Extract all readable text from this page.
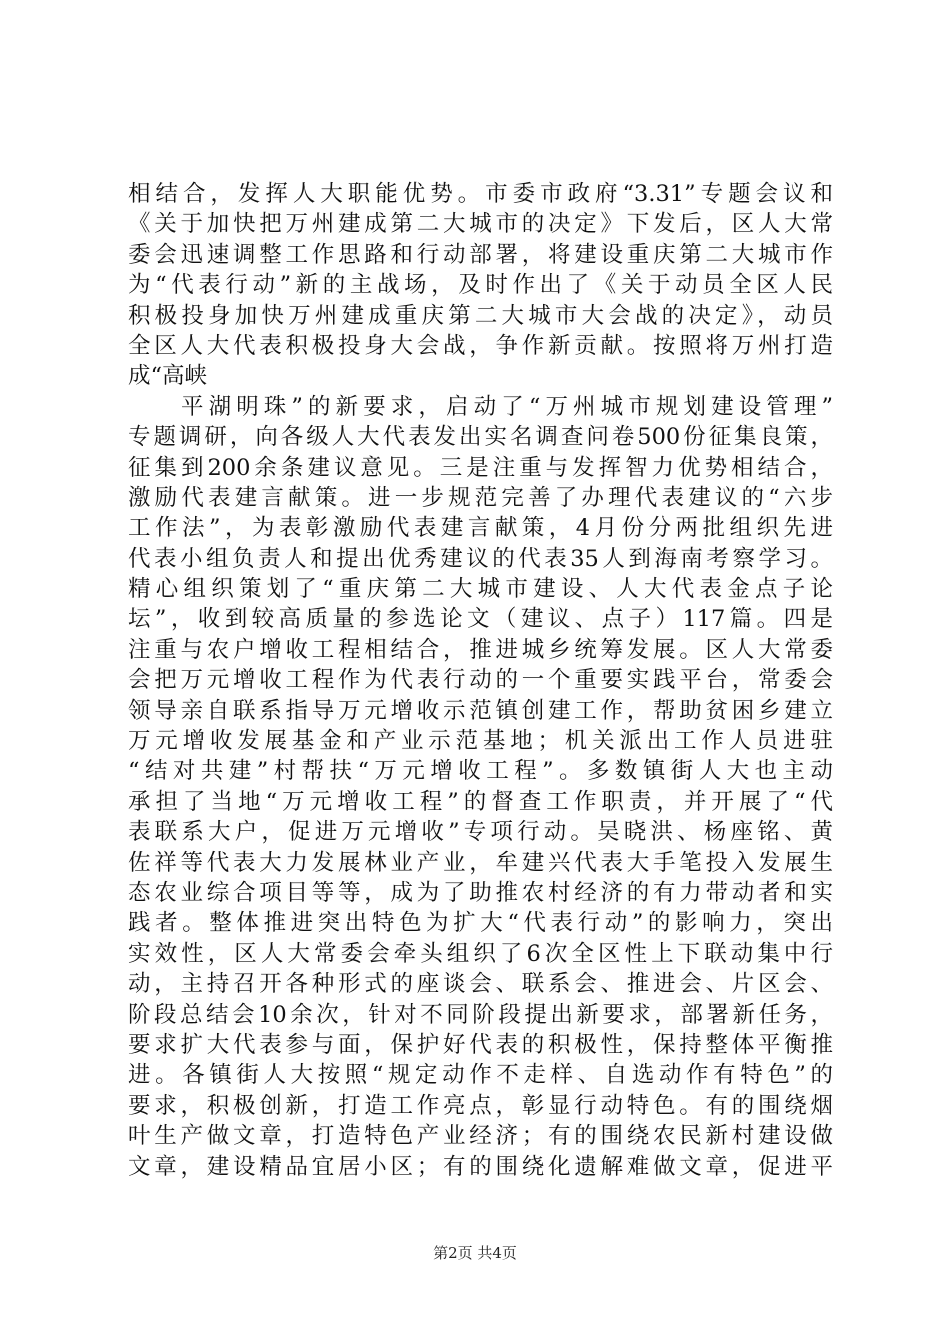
相结合，发挥人大职能优势。市委市政府“3.31”专题会议和
《关于加快把万州建成第二大城市的决定》下发后，区人大常
委会迅速调整工作思路和行动部署，将建设重庆第二大城市作
为“代表行动”新的主战场，及时作出了《关于动员全区人民
积极投身加快万州建成重庆第二大城市大会战的决定》，动员
全区人大代表积极投身大会战，争作新贡献。按照将万州打造
成“高峡
平湖明珠”的新要求，启动了“万州城市规划建设管理”
专题调研，向各级人大代表发出实名调查问卷500份征集良策，
征集到200余条建议意见。三是注重与发挥智力优势相结合，
激励代表建言献策。进一步规范完善了办理代表建议的“六步
工作法”，为表彰激励代表建言献策，4月份分两批组织先进
代表小组负责人和提出优秀建议的代表35人到海南考察学习。
精心组织策划了“重庆第二大城市建设、人大代表金点子论
坛”，收到较高质量的参选论文（建议、点子）117篇。四是
注重与农户增收工程相结合，推进城乡统筹发展。区人大常委
会把万元增收工程作为代表行动的一个重要实践平台，常委会
领导亲自联系指导万元增收示范镇创建工作，帮助贫困乡建立
万元增收发展基金和产业示范基地；机关派出工作人员进驻
“结对共建”村帮扶“万元增收工程”。多数镇街人大也主动
承担了当地“万元增收工程”的督查工作职责，并开展了“代
表联系大户，促进万元增收”专项行动。吴晓洪、杨座铭、黄
佐祥等代表大力发展林业产业，牟建兴代表大手笔投入发展生
态农业综合项目等等，成为了助推农村经济的有力带动者和实
践者。整体推进突出特色为扩大“代表行动”的影响力，突出
实效性，区人大常委会牵头组织了6次全区性上下联动集中行
动，主持召开各种形式的座谈会、联系会、推进会、片区会、
阶段总结会10余次，针对不同阶段提出新要求，部署新任务，
要求扩大代表参与面，保护好代表的积极性，保持整体平衡推
进。各镇街人大按照“规定动作不走样、自选动作有特色”的
要求，积极创新，打造工作亮点，彰显行动特色。有的围绕烟
叶生产做文章，打造特色产业经济；有的围绕农民新村建设做
文章，建设精品宜居小区；有的围绕化遗解难做文章，促进平
第2页 共4页
